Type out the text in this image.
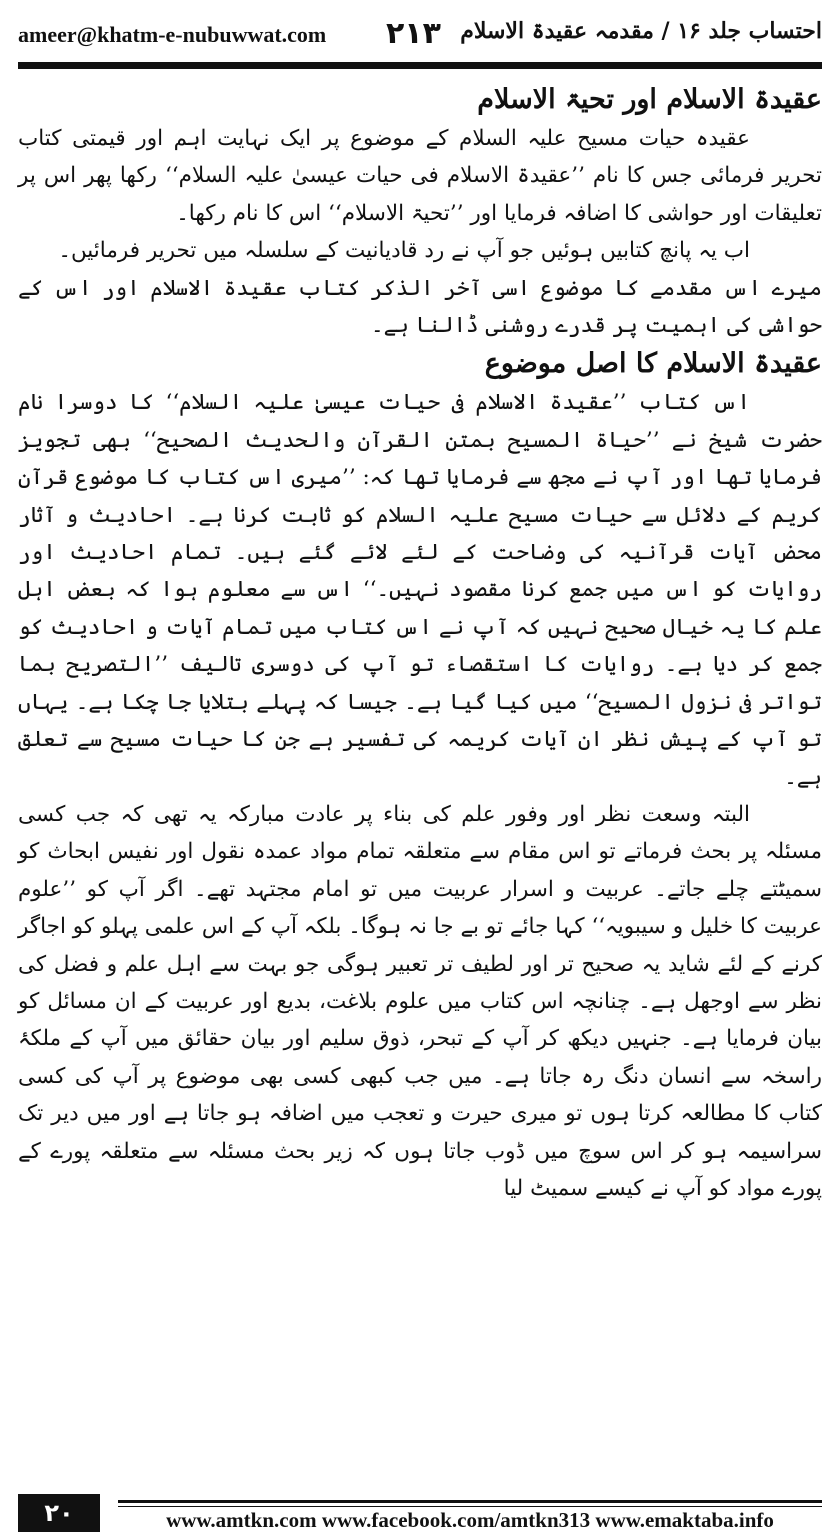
ameer@khatm-e-nubuwwat.com ۲۱۳ احتساب جلد ۱۶ / مقدمہ عقیدۃ الاسلام
عقیدۃ الاسلام اور تحیۃ الاسلام

عقیدہ حیات مسیح علیہ السلام کے موضوع پر ایک نہایت اہم اور قیمتی کتاب تحریر فرمائی جس کا نام ’’عقیدۃ الاسلام فی حیات عیسیٰ علیہ السلام‘‘ رکھا پھر اس پر تعلیقات اور حواشی کا اضافہ فرمایا اور ’’تحیۃ الاسلام‘‘ اس کا نام رکھا۔

اب یہ پانچ کتابیں ہوئیں جو آپ نے رد قادیانیت کے سلسلہ میں تحریر فرمائیں۔

میرے اس مقدمے کا موضوع اسی آخر الذکر کتاب عقیدۃ الاسلام اور اس کے حواشی کی اہمیت پر قدرے روشنی ڈالنا ہے۔

عقیدۃ الاسلام کا اصل موضوع

اس کتاب ’’عقیدۃ الاسلام فی حیات عیسیٰ علیہ السلام‘‘ کا دوسرا نام حضرت شیخ نے ’’حیاۃ المسیح بمتن القرآن والحدیث الصحیح‘‘ بھی تجویز فرمایا تھا اور آپ نے مجھ سے فرمایا تھا کہ: ’’میری اس کتاب کا موضوع قرآن کریم کے دلائل سے حیات مسیح علیہ السلام کو ثابت کرنا ہے۔ احادیث و آثار محض آیات قرآنیہ کی وضاحت کے لئے لائے گئے ہیں۔ تمام احادیث اور روایات کو اس میں جمع کرنا مقصود نہیں۔‘‘ اس سے معلوم ہوا کہ بعض اہل علم کا یہ خیال صحیح نہیں کہ آپ نے اس کتاب میں تمام آیات و احادیث کو جمع کر دیا ہے۔ روایات کا استقصاء تو آپ کی دوسری تالیف ’’التصریح بما تواتر فی نزول المسیح‘‘ میں کیا گیا ہے۔ جیسا کہ پہلے بتلایا جا چکا ہے۔ یہاں تو آپ کے پیش نظر ان آیات کریمہ کی تفسیر ہے جن کا حیات مسیح سے تعلق ہے۔

البتہ وسعت نظر اور وفور علم کی بناء پر عادت مبارکہ یہ تھی کہ جب کسی مسئلہ پر بحث فرماتے تو اس مقام سے متعلقہ تمام مواد عمدہ نقول اور نفیس ابحاث کو سمیٹتے چلے جاتے۔ عربیت و اسرار عربیت میں تو امام مجتہد تھے۔ اگر آپ کو ’’علوم عربیت کا خلیل و سیبویہ‘‘ کہا جائے تو بے جا نہ ہوگا۔ بلکہ آپ کے اس علمی پہلو کو اجاگر کرنے کے لئے شاید یہ صحیح تر اور لطیف تر تعبیر ہوگی جو بہت سے اہل علم و فضل کی نظر سے اوجھل ہے۔ چنانچہ اس کتاب میں علوم بلاغت، بدیع اور عربیت کے ان مسائل کو بیان فرمایا ہے۔ جنہیں دیکھ کر آپ کے تبحر، ذوق سلیم اور بیان حقائق میں آپ کے ملکۂ راسخہ سے انسان دنگ رہ جاتا ہے۔ میں جب کبھی کسی بھی موضوع پر آپ کی کسی کتاب کا مطالعہ کرتا ہوں تو میری حیرت و تعجب میں اضافہ ہو جاتا ہے اور میں دیر تک سراسیمہ ہو کر اس سوچ میں ڈوب جاتا ہوں کہ زیر بحث مسئلہ سے متعلقہ پورے کے پورے مواد کو آپ نے کیسے سمیٹ لیا

۲۰	www.amtkn.com www.facebook.com/amtkn313 www.emaktaba.info
